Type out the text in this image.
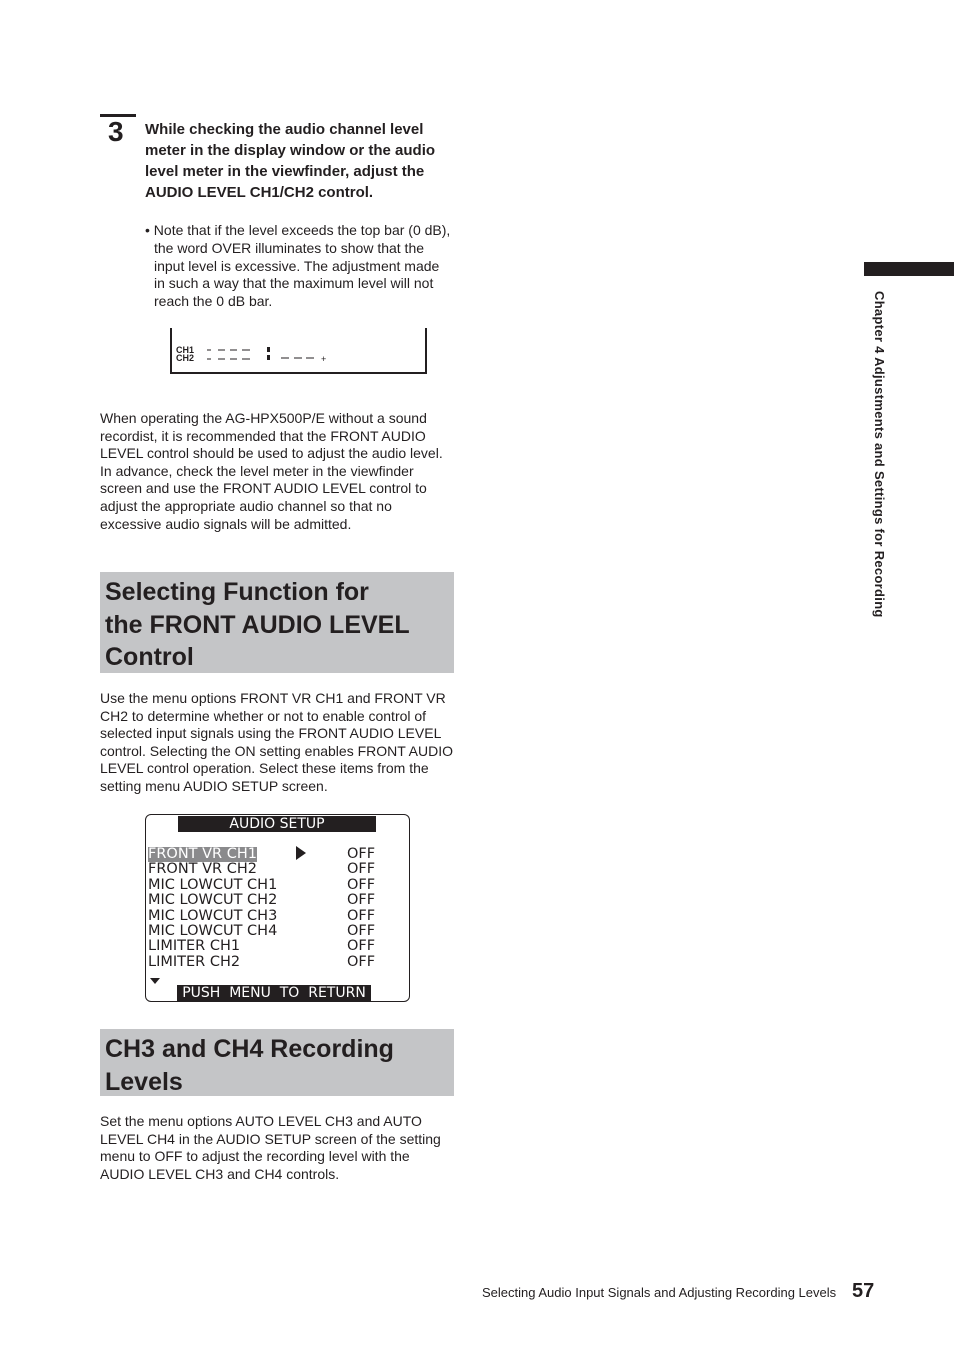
3 While checking the audio channel level meter in the display window or the audio level meter in the viewfinder, adjust the AUDIO LEVEL CH1/CH2 control.
• Note that if the level exceeds the top bar (0 dB), the word OVER illuminates to show that the input level is excessive. The adjustment made in such a way that the maximum level will not reach the 0 dB bar.
CH1
CH2	+
When operating the AG-HPX500P/E without a sound recordist, it is recommended that the FRONT AUDIO LEVEL control should be used to adjust the audio level.
In advance, check the level meter in the viewfinder screen and use the FRONT AUDIO LEVEL control to adjust the appropriate audio channel so that no excessive audio signals will be admitted.
Selecting Function for
the FRONT AUDIO LEVEL
Control
Use the menu options FRONT VR CH1 and FRONT VR CH2 to determine whether or not to enable control of selected input signals using the FRONT AUDIO LEVEL control. Selecting the ON setting enables FRONT AUDIO LEVEL control operation. Select these items from the setting menu AUDIO SETUP screen.
AUDIO SETUP
FRONT VR CH1	OFF
FRONT VR CH2	OFF
MIC LOWCUT CH1	OFF
MIC LOWCUT CH2	OFF
MIC LOWCUT CH3	OFF
MIC LOWCUT CH4	OFF
LIMITER CH1	OFF
LIMITER CH2	OFF
PUSH  MENU  TO  RETURN
CH3 and CH4 Recording
Levels
Set the menu options AUTO LEVEL CH3 and AUTO LEVEL CH4 in the AUDIO SETUP screen of the setting menu to OFF to adjust the recording level with the AUDIO LEVEL CH3 and CH4 controls.
Chapter 4 Adjustments and Settings for Recording
Selecting Audio Input Signals and Adjusting Recording Levels 57
